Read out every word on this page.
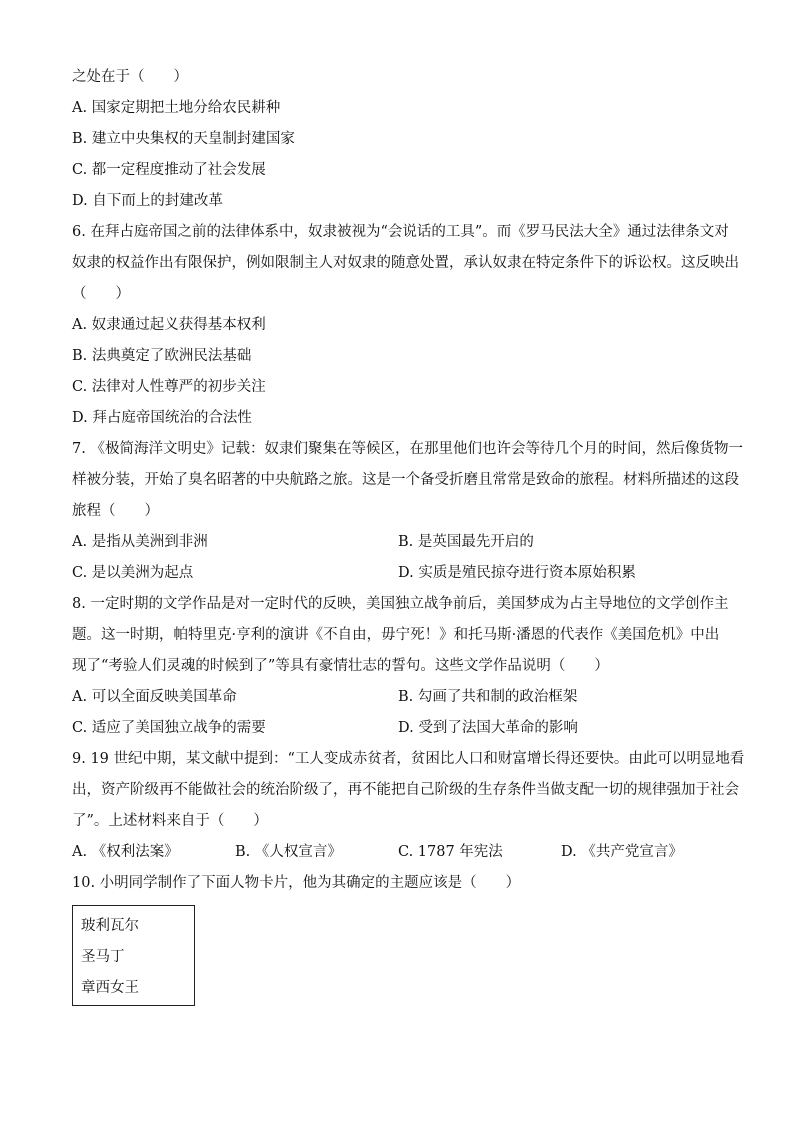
之处在于（　　）
A. 国家定期把土地分给农民耕种
B. 建立中央集权的天皇制封建国家
C. 都一定程度推动了社会发展
D. 自下而上的封建改革
6. 在拜占庭帝国之前的法律体系中，奴隶被视为“会说话的工具”。而《罗马民法大全》通过法律条文对
奴隶的权益作出有限保护，例如限制主人对奴隶的随意处置，承认奴隶在特定条件下的诉讼权。这反映出
（　　）
A. 奴隶通过起义获得基本权利
B. 法典奠定了欧洲民法基础
C. 法律对人性尊严的初步关注
D. 拜占庭帝国统治的合法性
7. 《极简海洋文明史》记载：奴隶们聚集在等候区，在那里他们也许会等待几个月的时间，然后像货物一
样被分装，开始了臭名昭著的中央航路之旅。这是一个备受折磨且常常是致命的旅程。材料所描述的这段
旅程（　　）
A. 是指从美洲到非洲	B. 是英国最先开启的
C. 是以美洲为起点	D. 实质是殖民掠夺进行资本原始积累
8. 一定时期的文学作品是对一定时代的反映，美国独立战争前后，美国梦成为占主导地位的文学创作主
题。这一时期，帕特里克·亨利的演讲《不自由，毋宁死！》和托马斯·潘恩的代表作《美国危机》中出
现了“考验人们灵魂的时候到了”等具有豪情壮志的誓句。这些文学作品说明（　　）
A. 可以全面反映美国革命	B. 勾画了共和制的政治框架
C. 适应了美国独立战争的需要	D. 受到了法国大革命的影响
9. 19 世纪中期，某文献中提到：“工人变成赤贫者，贫困比人口和财富增长得还要快。由此可以明显地看
出，资产阶级再不能做社会的统治阶级了，再不能把自己阶级的生存条件当做支配一切的规律强加于社会
了”。上述材料来自于（　　）
A. 《权利法案》	B. 《人权宣言》	C. 1787 年宪法	D. 《共产党宣言》
10. 小明同学制作了下面人物卡片，他为其确定的主题应该是（　　）
玻利瓦尔
圣马丁
章西女王
